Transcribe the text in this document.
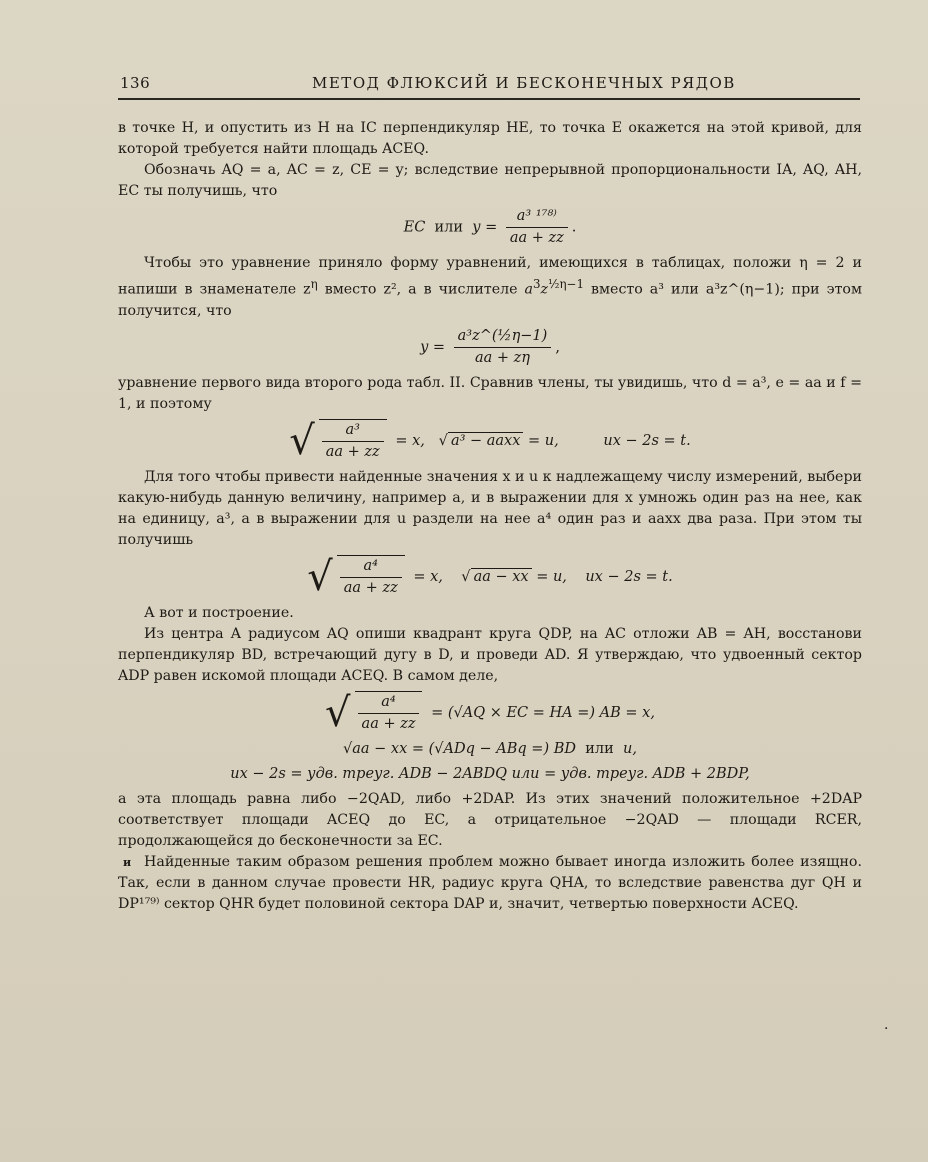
136	МЕТОД ФЛЮКСИЙ И БЕСКОНЕЧНЫХ РЯДОВ

в точке H, и опустить из H на IC перпендикуляр HE, то точка E окажется на этой кривой, для которой требуется найти площадь ACEQ.

Обозначь AQ = a, AC = z, CE = y; вследствие непрерывной пропорциональности IA, AQ, AH, EC ты получишь, что

EC или $y = \frac{\text{a³ ¹⁷⁸⁾}}{aa + zz}$ .

Чтобы это уравнение приняло форму уравнений, имеющихся в таблицах, положи η = 2 и напиши в знаменателе $z^\eta$ вместо z², а в числителе $a^3z^{\frac{1}{2}\eta-1}$ вместо a³ или a³z^(η−1); при этом получится, что

$y = \frac{\text{a³z\textasciicircum{}(½η−1)}}{aa + z\eta}$ ,

уравнение первого вида второго рода табл. II. Сравнив члены, ты увидишь, что d = a³, e = aa и f = 1, и поэтому

√ $\frac{\text{a³}}{aa + zz} = x$,   √ a³ − aaxx = u,	ux − 2s = t.

Для того чтобы привести найденные значения x и u к надлежащему числу измерений, выбери какую-нибудь данную величину, например a, и в выражении для x умножь один раз на нее, как на единицу, a³, а в выражении для u раздели на нее a⁴ один раз и aaxx два раза. При этом ты получишь

√ $\frac{\text{a⁴}}{aa + zz} = x$,    √ aa − xx = u, ux − 2s = t.

А вот и построение.

Из центра A радиусом AQ опиши квадрант круга QDP, на AC отложи AB = AH, восстанови перпендикуляр BD, встречающий дугу в D, и проведи AD. Я утверждаю, что удвоенный сектор ADP равен искомой площади ACEQ. В самом деле,

√ $\frac{\text{a⁴}}{aa + zz} = (√AQ$ × EC = HA =) AB = x,
√aa − xx = (√ADq − ABq =) BD или u,
ux − 2s = удв. треуг. ADB − 2ABDQ или = удв. треуг. ADB + 2BDP,

а эта площадь равна либо −2QAD, либо +2DAP. Из этих значений положительное +2DAP соответствует площади ACEQ до EC, а отрицательное −2QAD — площади RCER, продолжающейся до бесконечности за EC.

Найденные таким образом решения проблем можно бывает иногда изложить более изящно. Так, если в данном случае провести HR, радиус круга QHA, то вследствие равенства дуг QH и DP¹⁷⁹⁾ сектор QHR будет половиной сектора DAP и, значит, четвертью поверхности ACEQ.

и
·
